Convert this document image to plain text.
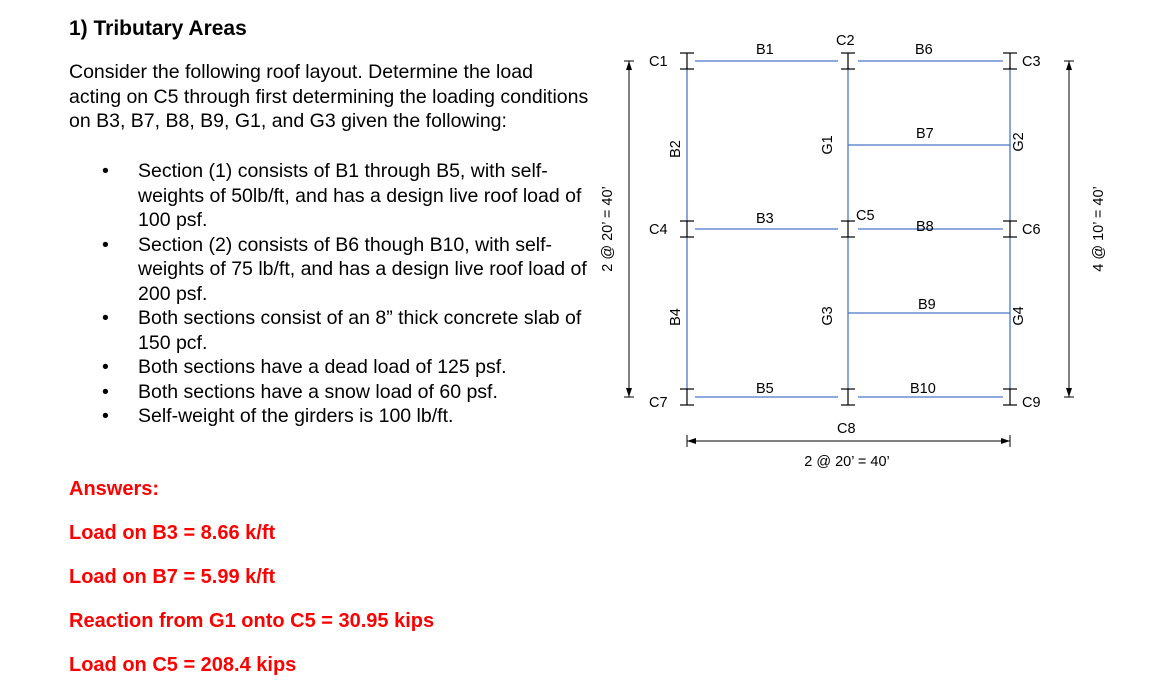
1) Tributary Areas
Consider the following roof layout. Determine the load acting on C5 through first determining the loading conditions on B3, B7, B8, B9, G1, and G3 given the following:
• Section (1) consists of B1 through B5, with self-weights of 50lb/ft, and has a design live roof load of 100 psf.
• Section (2) consists of B6 though B10, with self-weights of 75 lb/ft, and has a design live roof load of 200 psf.
• Both sections consist of an 8” thick concrete slab of 150 pcf.
• Both sections have a dead load of 125 psf.
• Both sections have a snow load of 60 psf.
• Self-weight of the girders is 100 lb/ft.
Answers:
Load on B3 = 8.66 k/ft
Load on B7 = 5.99 k/ft
Reaction from G1 onto C5 = 30.95 kips
Load on C5 = 208.4 kips
C1
C2
C3
C4
C5
C6
C7
C8
C9
B1	B6
B7
B3	B8
B9
B5	B10
B2
B4
G1
G3
G2
G4
2 @ 20’ = 40’	4 @ 10’ = 40’
2 @ 20’ = 40’
